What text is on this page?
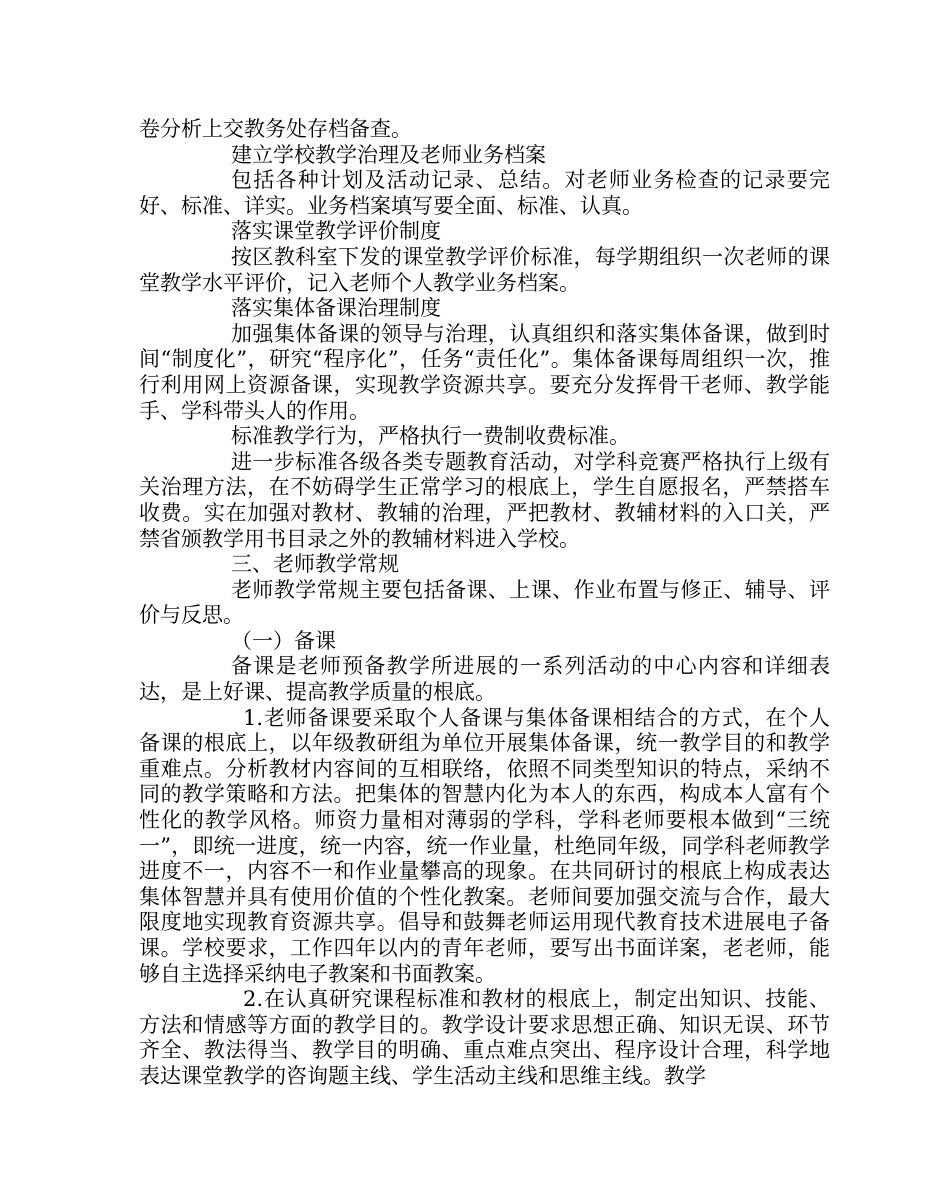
卷分析上交教务处存档备查。

建立学校教学治理及老师业务档案

包括各种计划及活动记录、总结。对老师业务检查的记录要完好、标准、详实。业务档案填写要全面、标准、认真。

落实课堂教学评价制度

按区教科室下发的课堂教学评价标准，每学期组织一次老师的课堂教学水平评价，记入老师个人教学业务档案。

落实集体备课治理制度

加强集体备课的领导与治理，认真组织和落实集体备课，做到时间“制度化”，研究“程序化”，任务“责任化”。集体备课每周组织一次，推行利用网上资源备课，实现教学资源共享。要充分发挥骨干老师、教学能手、学科带头人的作用。

标准教学行为，严格执行一费制收费标准。

进一步标准各级各类专题教育活动，对学科竞赛严格执行上级有关治理方法，在不妨碍学生正常学习的根底上，学生自愿报名，严禁搭车收费。实在加强对教材、教辅的治理，严把教材、教辅材料的入口关，严禁省颁教学用书目录之外的教辅材料进入学校。

三、老师教学常规

老师教学常规主要包括备课、上课、作业布置与修正、辅导、评价与反思。

（一）备课

备课是老师预备教学所进展的一系列活动的中心内容和详细表达，是上好课、提高教学质量的根底。

1.老师备课要采取个人备课与集体备课相结合的方式，在个人备课的根底上，以年级教研组为单位开展集体备课，统一教学目的和教学重难点。分析教材内容间的互相联络，依照不同类型知识的特点，采纳不同的教学策略和方法。把集体的智慧内化为本人的东西，构成本人富有个性化的教学风格。师资力量相对薄弱的学科，学科老师要根本做到“三统一”，即统一进度，统一内容，统一作业量，杜绝同年级，同学科老师教学进度不一，内容不一和作业量攀高的现象。在共同研讨的根底上构成表达集体智慧并具有使用价值的个性化教案。老师间要加强交流与合作，最大限度地实现教育资源共享。倡导和鼓舞老师运用现代教育技术进展电子备课。学校要求，工作四年以内的青年老师，要写出书面详案，老老师，能够自主选择采纳电子教案和书面教案。

2.在认真研究课程标准和教材的根底上，制定出知识、技能、方法和情感等方面的教学目的。教学设计要求思想正确、知识无误、环节齐全、教法得当、教学目的明确、重点难点突出、程序设计合理，科学地表达课堂教学的咨询题主线、学生活动主线和思维主线。教学
